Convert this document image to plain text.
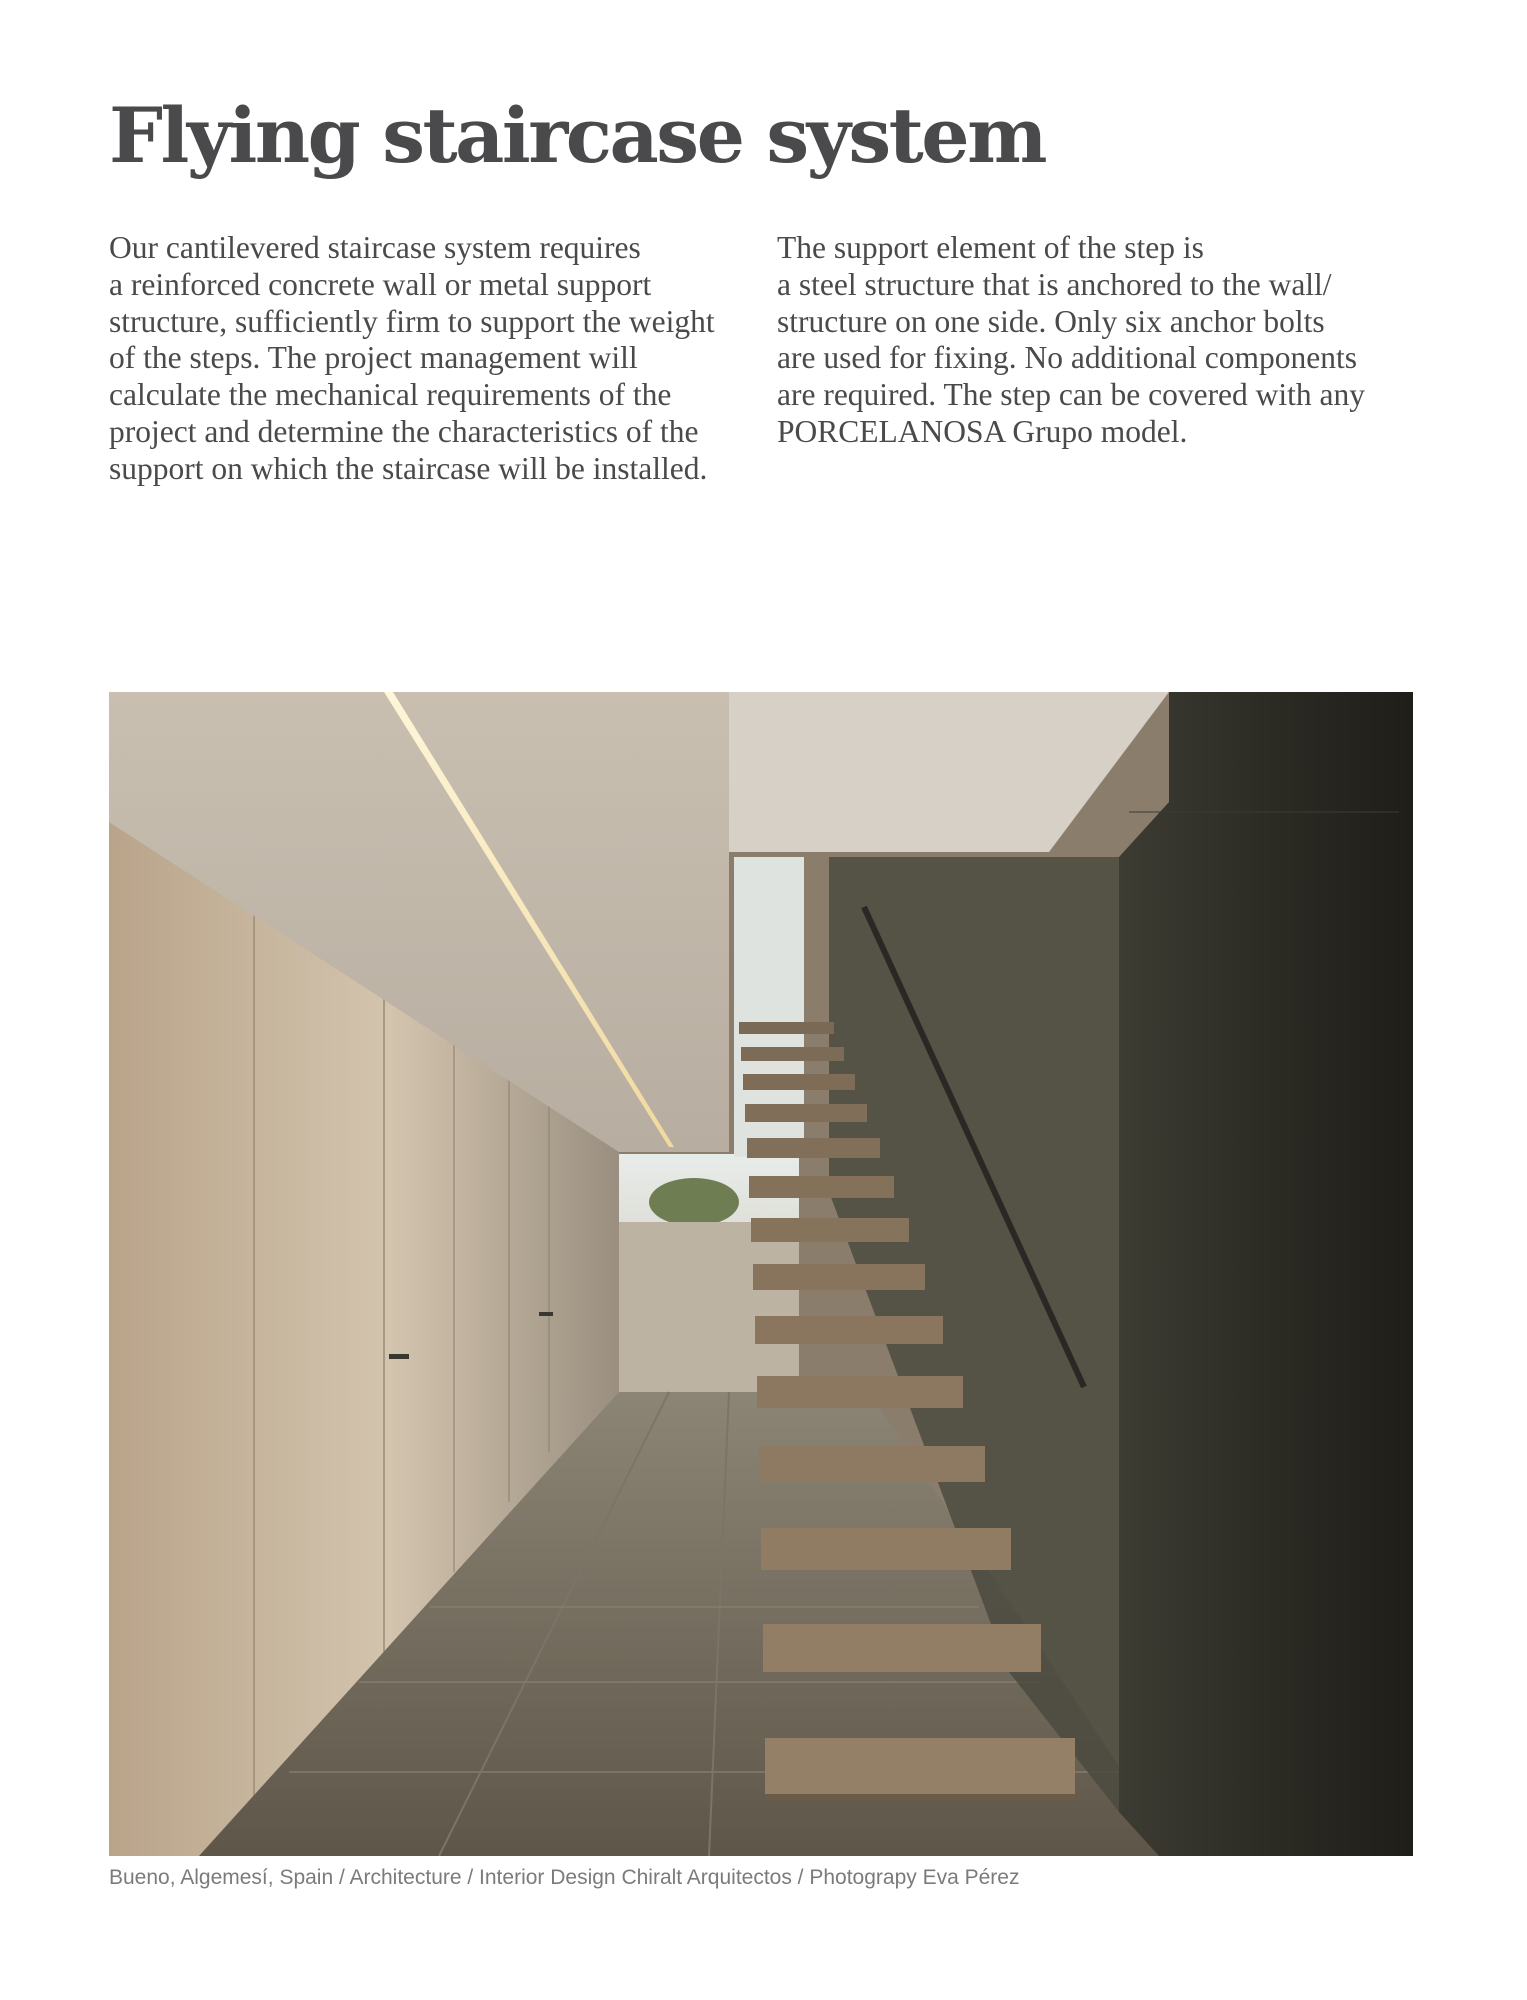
Flying staircase system
Our cantilevered staircase system requires
a reinforced concrete wall or metal support
structure, sufficiently firm to support the weight
of the steps. The project management will
calculate the mechanical requirements of the
project and determine the characteristics of the
support on which the staircase will be installed.
The support element of the step is
a steel structure that is anchored to the wall/
structure on one side. Only six anchor bolts
are used for fixing. No additional components
are required. The step can be covered with any
PORCELANOSA Grupo model.
Bueno, Algemesí, Spain / Architecture / Interior Design Chiralt Arquitectos / Photograpy Eva Pérez
